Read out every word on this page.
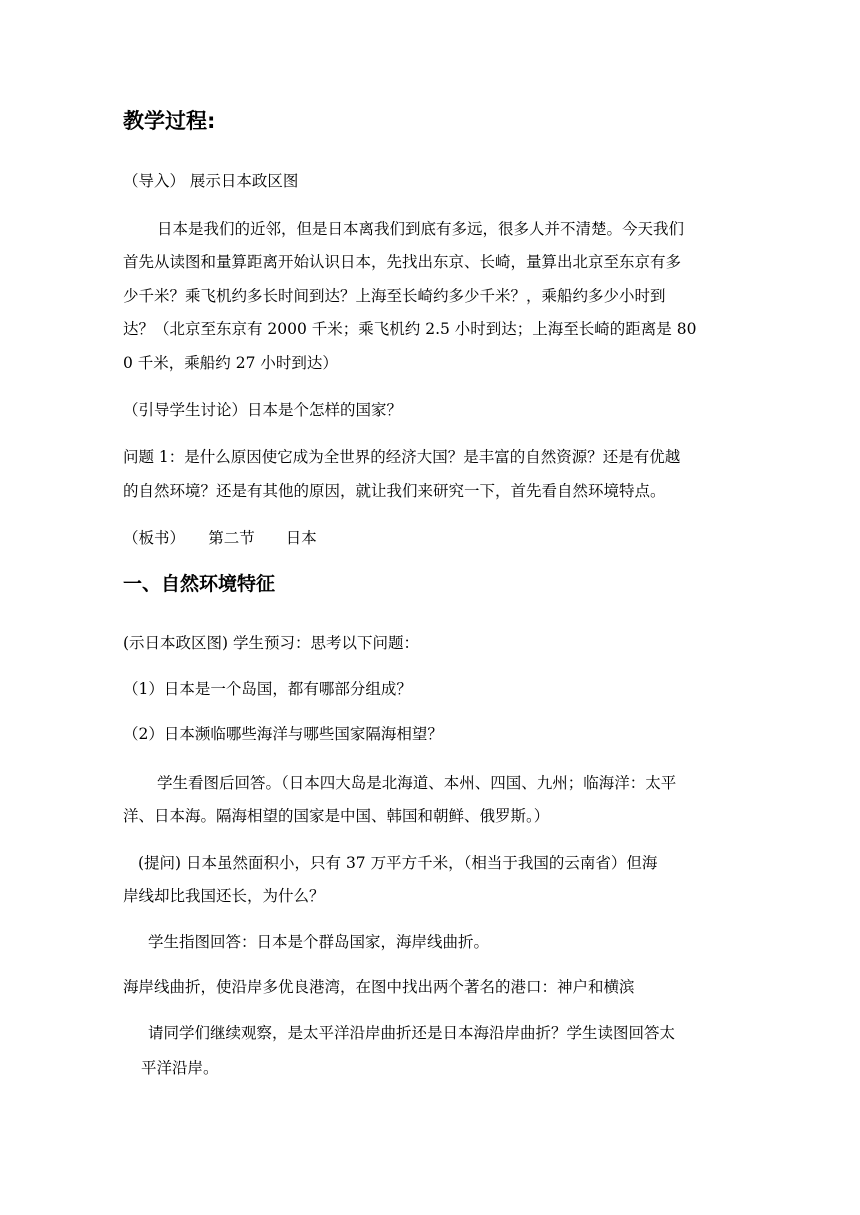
教学过程:
（导入） 展示日本政区图
日本是我们的近邻，但是日本离我们到底有多远，很多人并不清楚。今天我们
首先从读图和量算距离开始认识日本，先找出东京、长崎，量算出北京至东京有多
少千米？乘飞机约多长时间到达？上海至长崎约多少千米？，乘船约多少小时到
达？（北京至东京有 2000 千米；乘飞机约 2.5 小时到达；上海至长崎的距离是 80
0 千米，乘船约 27 小时到达）
（引导学生讨论）日本是个怎样的国家？
问题 1：是什么原因使它成为全世界的经济大国？是丰富的自然资源？还是有优越
的自然环境？还是有其他的原因，就让我们来研究一下，首先看自然环境特点。
（板书）　　第二节　　日本
一、自然环境特征
(示日本政区图) 学生预习：思考以下问题：
（1）日本是一个岛国，都有哪部分组成？
（2）日本濒临哪些海洋与哪些国家隔海相望？
学生看图后回答。（日本四大岛是北海道、本州、四国、九州；临海洋：太平
洋、日本海。隔海相望的国家是中国、韩国和朝鲜、俄罗斯。）
(提问) 日本虽然面积小，只有 37 万平方千米，（相当于我国的云南省）但海
岸线却比我国还长，为什么？
学生指图回答：日本是个群岛国家，海岸线曲折。
海岸线曲折，使沿岸多优良港湾，在图中找出两个著名的港口：神户和横滨
请同学们继续观察，是太平洋沿岸曲折还是日本海沿岸曲折？学生读图回答太
平洋沿岸。
